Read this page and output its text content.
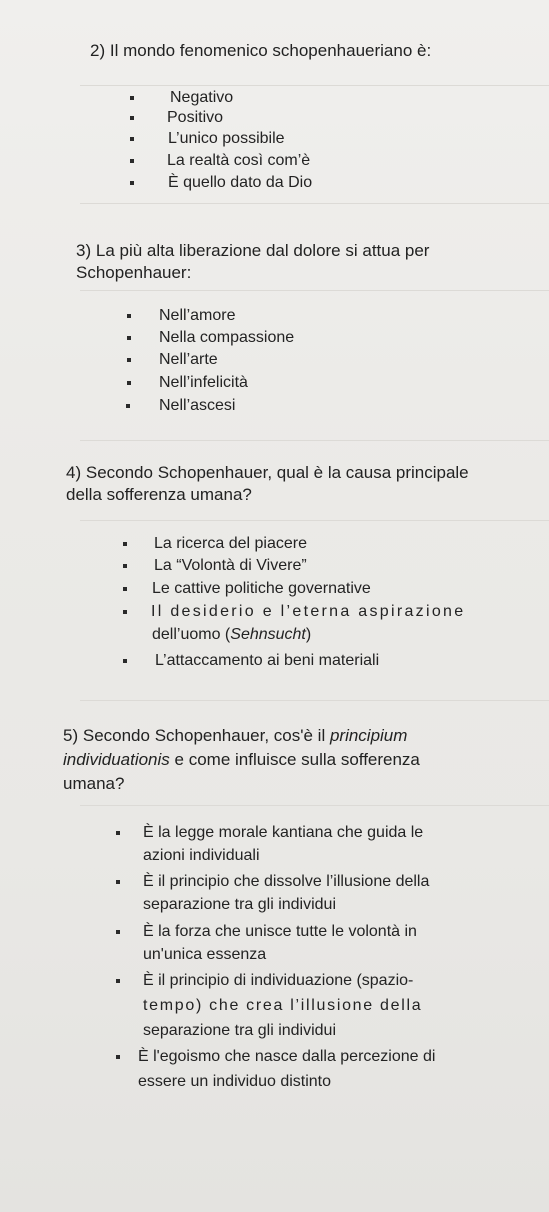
2) Il mondo fenomenico schopenhaueriano è:
Negativo
Positivo
L’unico possibile
La realtà così com’è
È quello dato da Dio
3) La più alta liberazione dal dolore si attua per
Schopenhauer:
Nell’amore
Nella compassione
Nell’arte
Nell’infelicità
Nell’ascesi
4) Secondo Schopenhauer, qual è la causa principale
della sofferenza umana?
La ricerca del piacere
La “Volontà di Vivere”
Le cattive politiche governative
Il desiderio e l’eterna aspirazione
dell’uomo (Sehnsucht)
L’attaccamento ai beni materiali
5) Secondo Schopenhauer, cos'è il principium
individuationis e come influisce sulla sofferenza
umana?
È la legge morale kantiana che guida le
azioni individuali
È il principio che dissolve l’illusione della
separazione tra gli individui
È la forza che unisce tutte le volontà in
un'unica essenza
È il principio di individuazione (spazio-
tempo) che crea l’illusione della
separazione tra gli individui
È l'egoismo che nasce dalla percezione di
essere un individuo distinto
